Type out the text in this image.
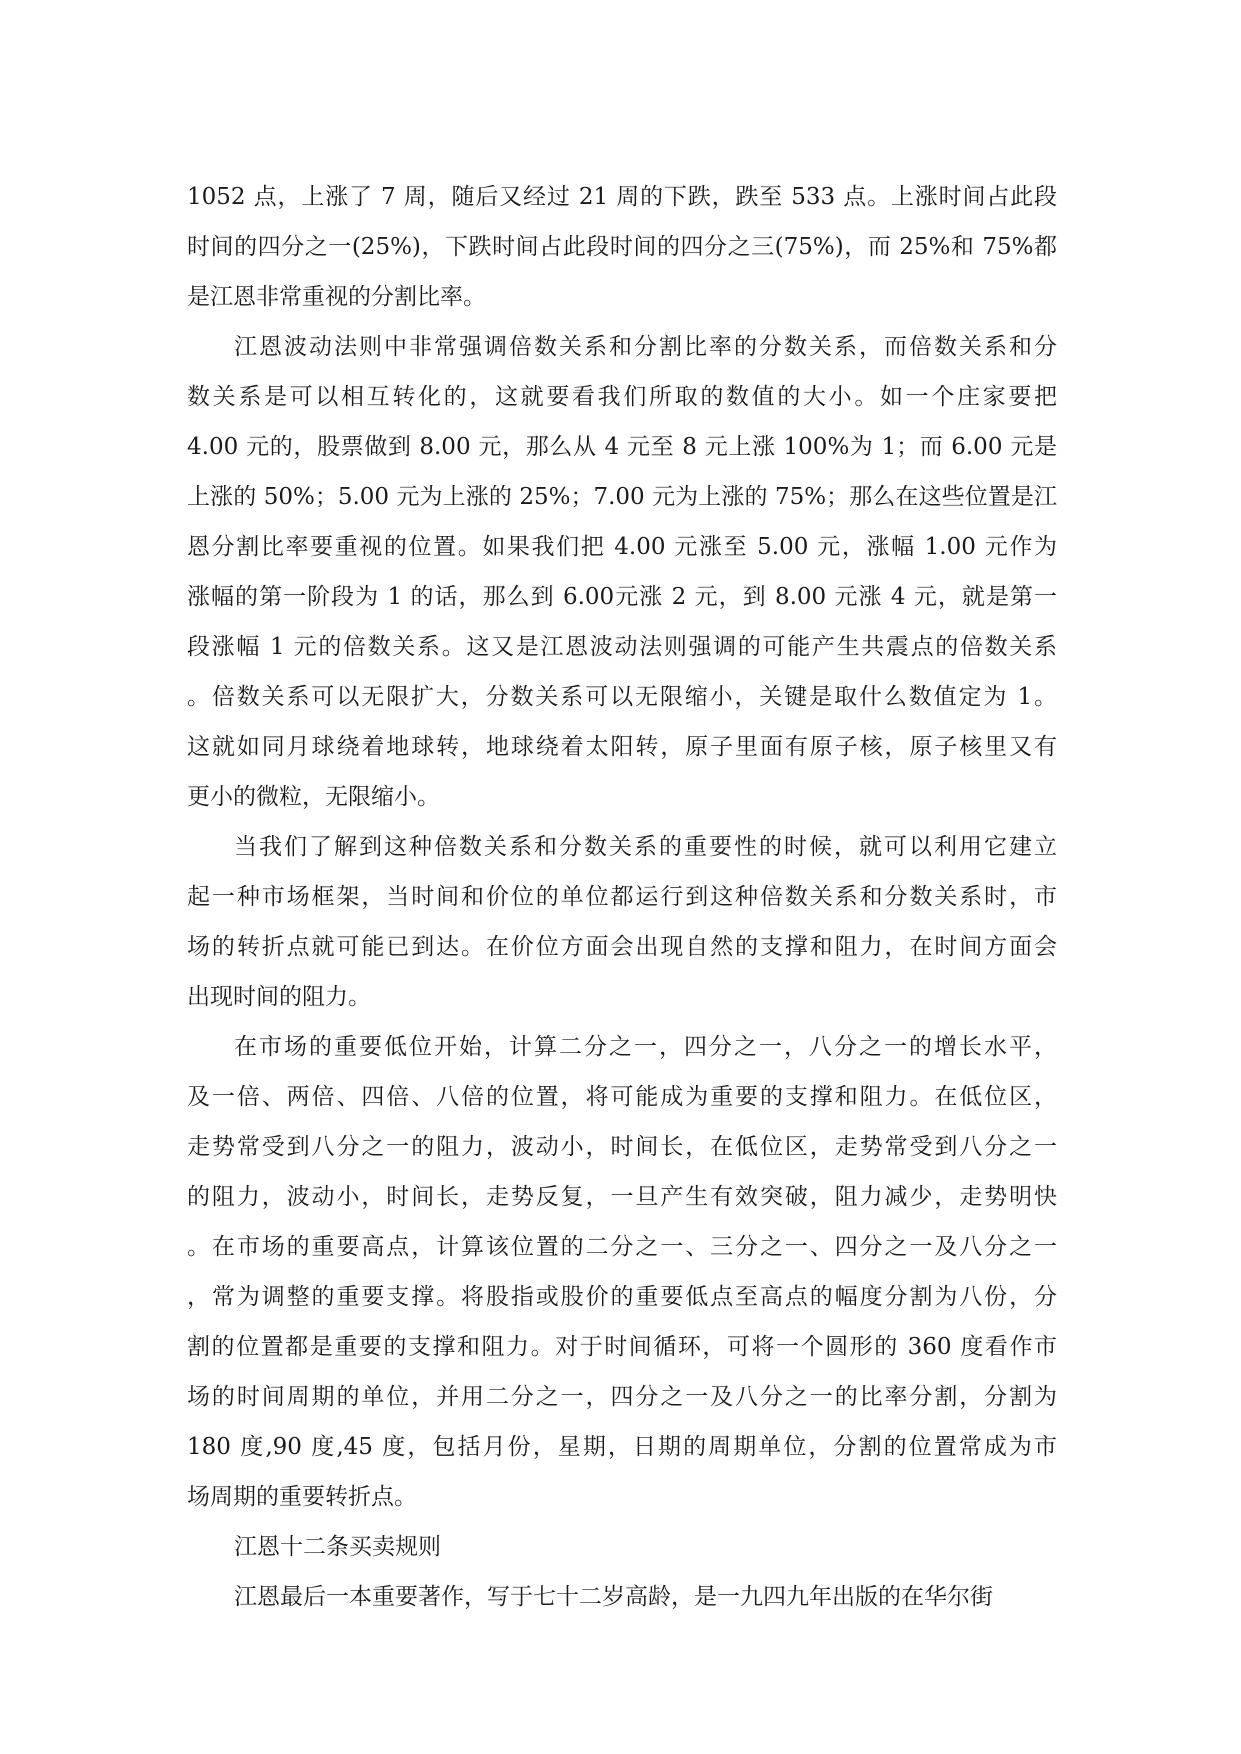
1052 点，上涨了 7 周，随后又经过 21 周的下跌，跌至 533 点。上涨时间占此段
时间的四分之一(25%)，下跌时间占此段时间的四分之三(75%)，而 25%和 75%都
是江恩非常重视的分割比率。
江恩波动法则中非常强调倍数关系和分割比率的分数关系，而倍数关系和分
数关系是可以相互转化的，这就要看我们所取的数值的大小。如一个庄家要把
4.00 元的，股票做到 8.00 元，那么从 4 元至 8 元上涨 100%为 1；而 6.00 元是
上涨的 50%；5.00 元为上涨的 25%；7.00 元为上涨的 75%；那么在这些位置是江
恩分割比率要重视的位置。如果我们把 4.00 元涨至 5.00 元，涨幅 1.00 元作为
涨幅的第一阶段为 1 的话，那么到 6.00元涨 2 元，到 8.00 元涨 4 元，就是第一
段涨幅 1 元的倍数关系。这又是江恩波动法则强调的可能产生共震点的倍数关系
。倍数关系可以无限扩大，分数关系可以无限缩小，关键是取什么数值定为 1。
这就如同月球绕着地球转，地球绕着太阳转，原子里面有原子核，原子核里又有
更小的微粒，无限缩小。
当我们了解到这种倍数关系和分数关系的重要性的时候，就可以利用它建立
起一种市场框架，当时间和价位的单位都运行到这种倍数关系和分数关系时，市
场的转折点就可能已到达。在价位方面会出现自然的支撑和阻力，在时间方面会
出现时间的阻力。
在市场的重要低位开始，计算二分之一，四分之一，八分之一的增长水平，
及一倍、两倍、四倍、八倍的位置，将可能成为重要的支撑和阻力。在低位区，
走势常受到八分之一的阻力，波动小，时间长，在低位区，走势常受到八分之一
的阻力，波动小，时间长，走势反复，一旦产生有效突破，阻力减少，走势明快
。在市场的重要高点，计算该位置的二分之一、三分之一、四分之一及八分之一
，常为调整的重要支撑。将股指或股价的重要低点至高点的幅度分割为八份，分
割的位置都是重要的支撑和阻力。对于时间循环，可将一个圆形的 360 度看作市
场的时间周期的单位，并用二分之一，四分之一及八分之一的比率分割，分割为
180 度,90 度,45 度，包括月份，星期，日期的周期单位，分割的位置常成为市
场周期的重要转折点。
江恩十二条买卖规则
江恩最后一本重要著作，写于七十二岁高龄，是一九四九年出版的在华尔街
